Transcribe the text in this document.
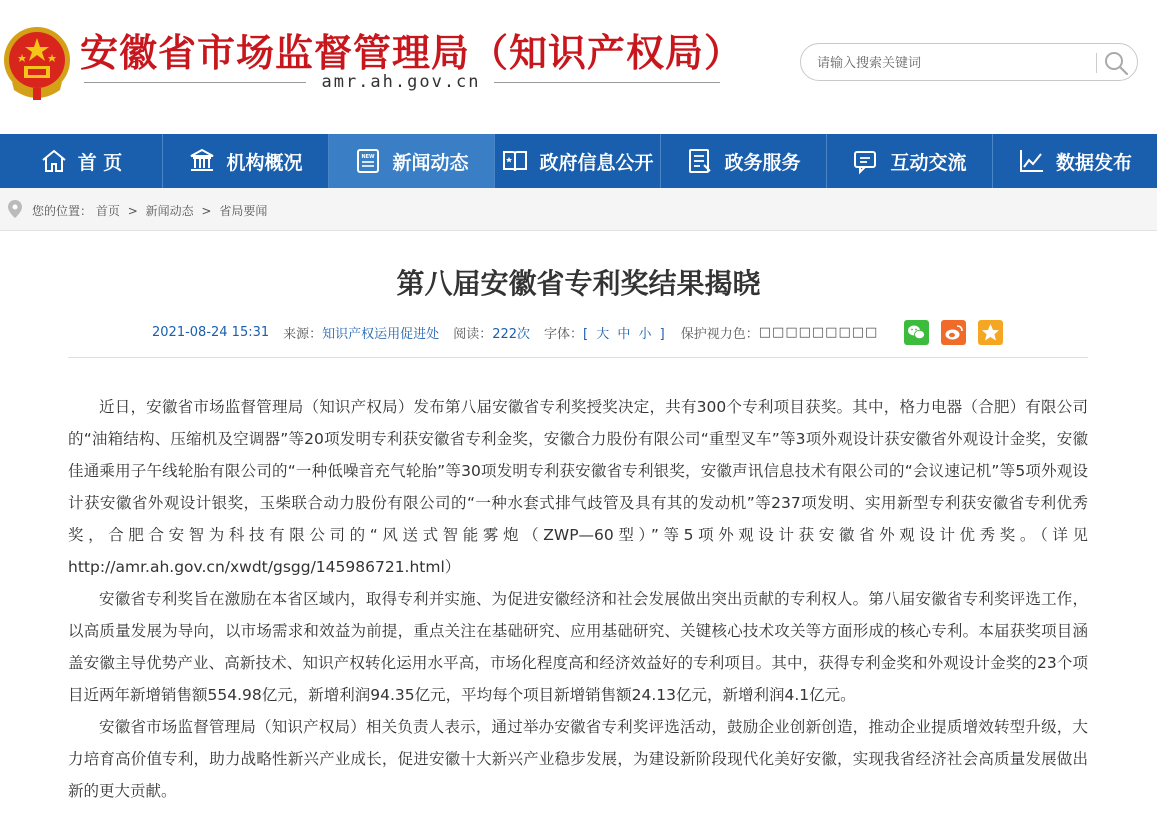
安徽省市场监督管理局（知识产权局）
amr.ah.gov.cn
请输入搜索关键词
首 页	机构概况	NEW 新闻动态	政府信息公开	政务服务	互动交流	数据发布
您的位置： 首页 > 新闻动态 > 省局要闻
第八届安徽省专利奖结果揭晓
2021-08-24 15:31 来源： 知识产权运用促进处 阅读： 222次 字体： [ 大 中 小 ] 保护视力色： □□□□□□□□□

近日，安徽省市场监督管理局（知识产权局）发布第八届安徽省专利奖授奖决定，共有300个专利项目获奖。其中，格力电器（合肥）有限公司的“油箱结构、压缩机及空调器”等20项发明专利获安徽省专利金奖，安徽合力股份有限公司“重型叉车”等3项外观设计获安徽省外观设计金奖，安徽佳通乘用子午线轮胎有限公司的“一种低噪音充气轮胎”等30项发明专利获安徽省专利银奖，安徽声讯信息技术有限公司的“会议速记机”等5项外观设计获安徽省外观设计银奖，玉柴联合动力股份有限公司的“一种水套式排气歧管及具有其的发动机”等237项发明、实用新型专利获安徽省专利优秀奖，合肥合安智为科技有限公司的“风送式智能雾炮（ZWP—60型）”等5项外观设计获安徽省外观设计优秀奖。（详见http://amr.ah.gov.cn/xwdt/gsgg/145986721.html）

安徽省专利奖旨在激励在本省区域内，取得专利并实施、为促进安徽经济和社会发展做出突出贡献的专利权人。第八届安徽省专利奖评选工作，以高质量发展为导向，以市场需求和效益为前提，重点关注在基础研究、应用基础研究、关键核心技术攻关等方面形成的核心专利。本届获奖项目涵盖安徽主导优势产业、高新技术、知识产权转化运用水平高，市场化程度高和经济效益好的专利项目。其中，获得专利金奖和外观设计金奖的23个项目近两年新增销售额554.98亿元，新增利润94.35亿元，平均每个项目新增销售额24.13亿元，新增利润4.1亿元。

安徽省市场监督管理局（知识产权局）相关负责人表示，通过举办安徽省专利奖评选活动，鼓励企业创新创造，推动企业提质增效转型升级，大力培育高价值专利，助力战略性新兴产业成长，促进安徽十大新兴产业稳步发展，为建设新阶段现代化美好安徽，实现我省经济社会高质量发展做出新的更大贡献。
